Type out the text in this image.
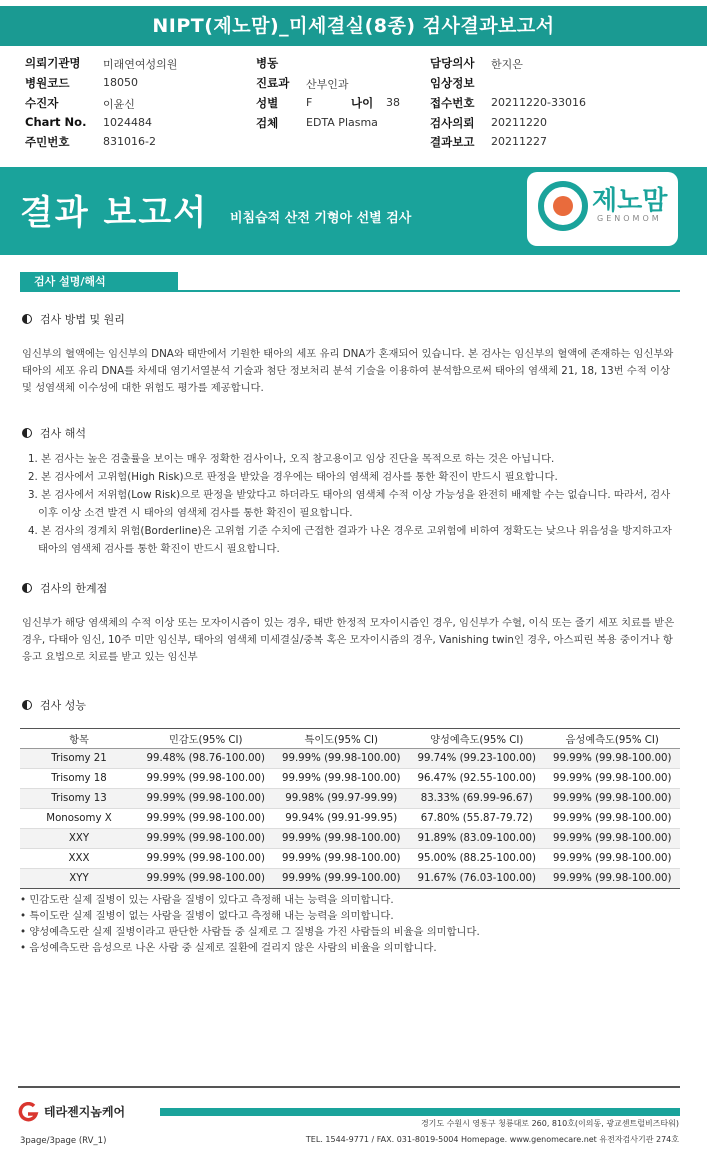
NIPT(제노맘)_미세결실(8종) 검사결과보고서
의뢰기관명 미래연여성의원
병원코드	18050
수진자	이윤신
Chart No. 1024484
주민번호	831016-2
병동
진료과 산부인과
성별	F	나이 38
검체	EDTA Plasma
담당의사 한지은
임상정보
접수번호 20211220-33016
검사의뢰 20211220
결과보고 20211227
결과 보고서 비침습적 산전 기형아 선별 검사
제노맘
GENOMOM
검사 설명/해석
검사 방법 및 원리
임신부의 혈액에는 임신부의 DNA와 태반에서 기원한 태아의 세포 유리 DNA가 혼재되어 있습니다. 본 검사는 임신부의 혈액에 존재하는 임신부와 태아의 세포 유리 DNA를 차세대 염기서열분석 기술과 첨단 정보처리 분석 기술을 이용하여 분석함으로써 태아의 염색체 21, 18, 13번 수적 이상 및 성염색체 이수성에 대한 위험도 평가를 제공합니다.
검사 해석
1. 본 검사는 높은 검출률을 보이는 매우 정확한 검사이나, 오직 참고용이고 임상 진단을 목적으로 하는 것은 아닙니다.
2. 본 검사에서 고위험(High Risk)으로 판정을 받았을 경우에는 태아의 염색체 검사를 통한 확진이 반드시 필요합니다.
3. 본 검사에서 저위험(Low Risk)으로 판정을 받았다고 하더라도 태아의 염색체 수적 이상 가능성을 완전히 배제할 수는 없습니다. 따라서, 검사 이후 이상 소견 발견 시 태아의 염색체 검사를 통한 확진이 필요합니다.
4. 본 검사의 경계치 위험(Borderline)은 고위험 기준 수치에 근접한 결과가 나온 경우로 고위험에 비하여 정확도는 낮으나 위음성을 방지하고자 태아의 염색체 검사를 통한 확진이 반드시 필요합니다.
검사의 한계점
임신부가 해당 염색체의 수적 이상 또는 모자이시즘이 있는 경우, 태반 한정적 모자이시즘인 경우, 임신부가 수혈, 이식 또는 줄기 세포 치료를 받은 경우, 다태아 임신, 10주 미만 임신부, 태아의 염색체 미세결실/중복 혹은 모자이시즘의 경우, Vanishing twin인 경우, 아스피린 복용 중이거나 항 응고 요법으로 치료를 받고 있는 임신부
검사 성능
항목	민감도(95% CI)	특이도(95% CI)	양성예측도(95% CI)	음성예측도(95% CI)
Trisomy 21	99.48% (98.76-100.00)	99.99% (99.98-100.00)	99.74% (99.23-100.00)	99.99% (99.98-100.00)
Trisomy 18	99.99% (99.98-100.00)	99.99% (99.98-100.00)	96.47% (92.55-100.00)	99.99% (99.98-100.00)
Trisomy 13	99.99% (99.98-100.00)	99.98% (99.97-99.99)	83.33% (69.99-96.67)	99.99% (99.98-100.00)
Monosomy X	99.99% (99.98-100.00)	99.94% (99.91-99.95)	67.80% (55.87-79.72)	99.99% (99.98-100.00)
XXY	99.99% (99.98-100.00)	99.99% (99.98-100.00)	91.89% (83.09-100.00)	99.99% (99.98-100.00)
XXX	99.99% (99.98-100.00)	99.99% (99.98-100.00)	95.00% (88.25-100.00)	99.99% (99.98-100.00)
XYY	99.99% (99.98-100.00)	99.99% (99.99-100.00)	91.67% (76.03-100.00)	99.99% (99.98-100.00)
• 민감도란 실제 질병이 있는 사람을 질병이 있다고 측정해 내는 능력을 의미합니다.
• 특이도란 실제 질병이 없는 사람을 질병이 없다고 측정해 내는 능력을 의미합니다.
• 양성예측도란 실제 질병이라고 판단한 사람들 중 실제로 그 질병을 가진 사람들의 비율을 의미합니다.
• 음성예측도란 음성으로 나온 사람 중 실제로 질환에 걸리지 않은 사람의 비율을 의미합니다.
테라젠지놈케어
경기도 수원시 영통구 청룡대로 260, 810호(이의동, 광교센트럴비즈타워)
TEL. 1544-9771 / FAX. 031-8019-5004 Homepage. www.genomecare.net 유전자검사기관 274호
3page/3page (RV_1)
